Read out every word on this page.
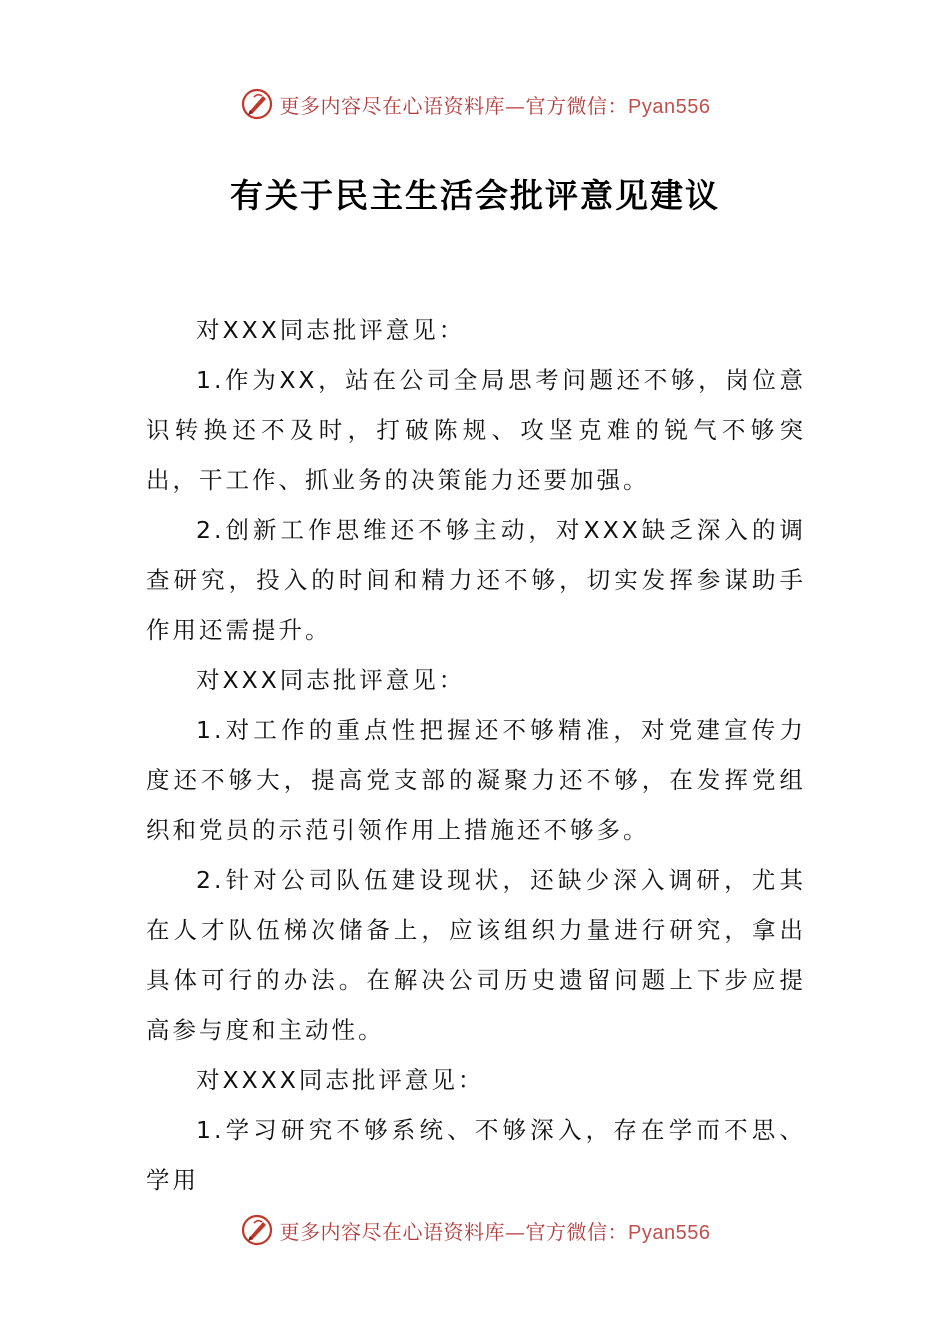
更多内容尽在心语资料库—官方微信：Pyan556
有关于民主生活会批评意见建议

对XXX同志批评意见：

1.作为XX，站在公司全局思考问题还不够，岗位意识转换还不及时，打破陈规、攻坚克难的锐气不够突出，干工作、抓业务的决策能力还要加强。

2.创新工作思维还不够主动，对XXX缺乏深入的调查研究，投入的时间和精力还不够，切实发挥参谋助手作用还需提升。

对XXX同志批评意见：

1.对工作的重点性把握还不够精准，对党建宣传力度还不够大，提高党支部的凝聚力还不够，在发挥党组织和党员的示范引领作用上措施还不够多。

2.针对公司队伍建设现状，还缺少深入调研，尤其在人才队伍梯次储备上，应该组织力量进行研究，拿出具体可行的办法。在解决公司历史遗留问题上下步应提高参与度和主动性。

对XXXX同志批评意见：

1.学习研究不够系统、不够深入，存在学而不思、学用

更多内容尽在心语资料库—官方微信：Pyan556
